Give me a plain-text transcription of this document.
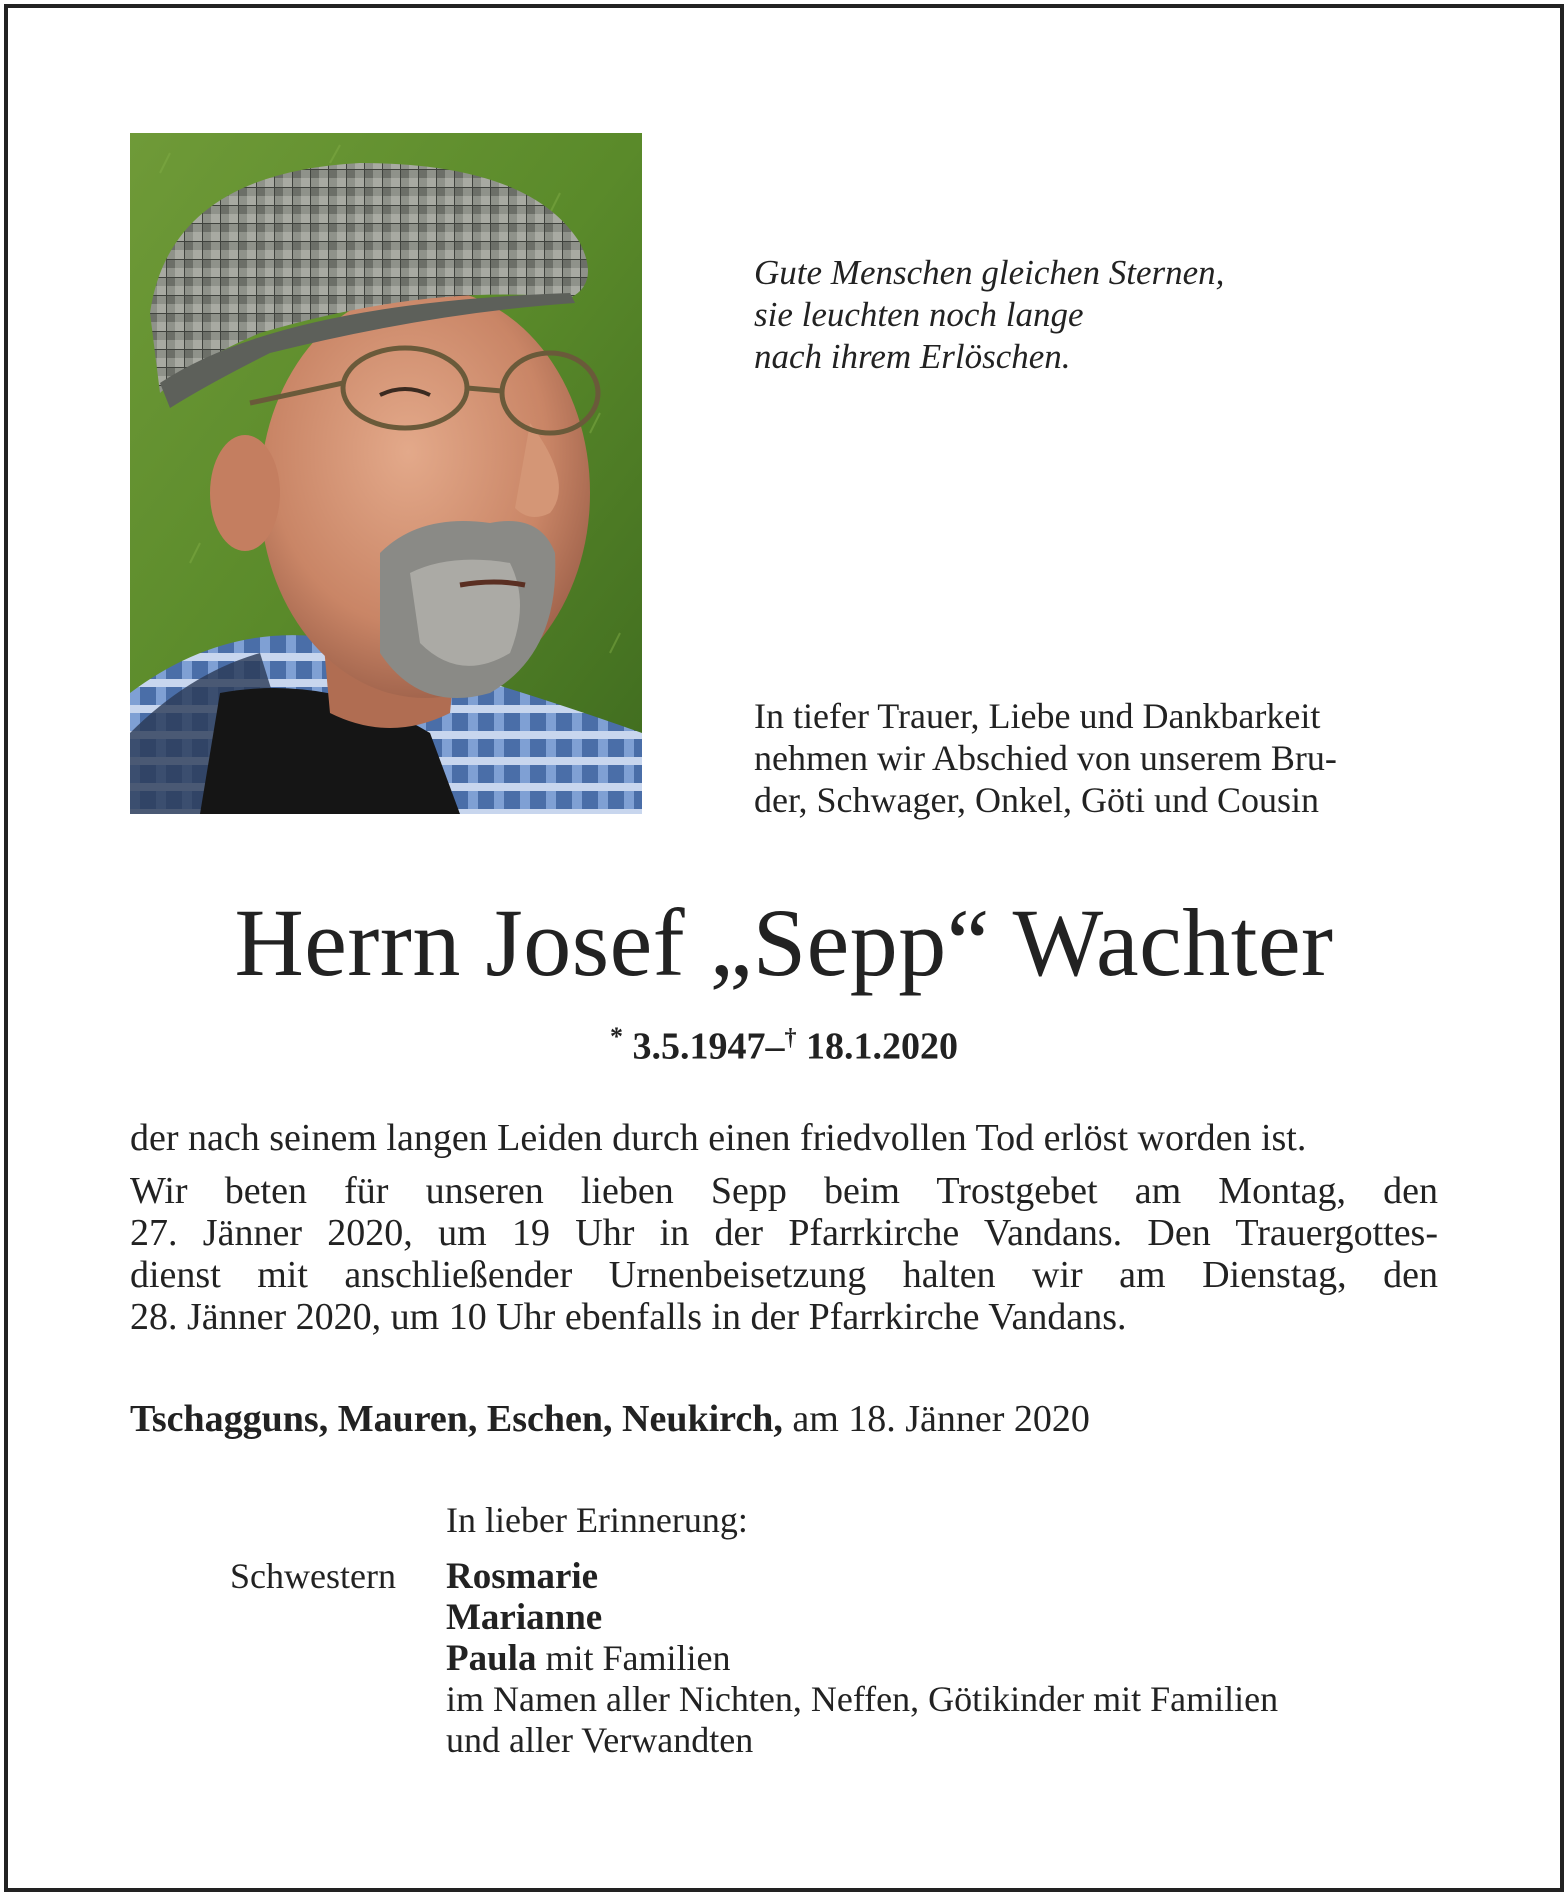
Gute Menschen gleichen Sternen,
sie leuchten noch lange
nach ihrem Erlöschen.
In tiefer Trauer, Liebe und Dankbarkeit
nehmen wir Abschied von unserem Bru-
der, Schwager, Onkel, Göti und Cousin
Herrn Josef „Sepp“ Wachter
* 3.5.1947–† 18.1.2020
der nach seinem langen Leiden durch einen friedvollen Tod erlöst worden ist.
Wir beten für unseren lieben Sepp beim Trostgebet am Montag, den
27. Jänner 2020, um 19 Uhr in der Pfarrkirche Vandans. Den Trauergottes-
dienst mit anschließender Urnenbeisetzung halten wir am Dienstag, den
28. Jänner 2020, um 10 Uhr ebenfalls in der Pfarrkirche Vandans.
Tschagguns, Mauren, Eschen, Neukirch, am 18. Jänner 2020
In lieber Erinnerung:
Schwestern Rosmarie
Marianne
Paula mit Familien
im Namen aller Nichten, Neffen, Götikinder mit Familien
und aller Verwandten
